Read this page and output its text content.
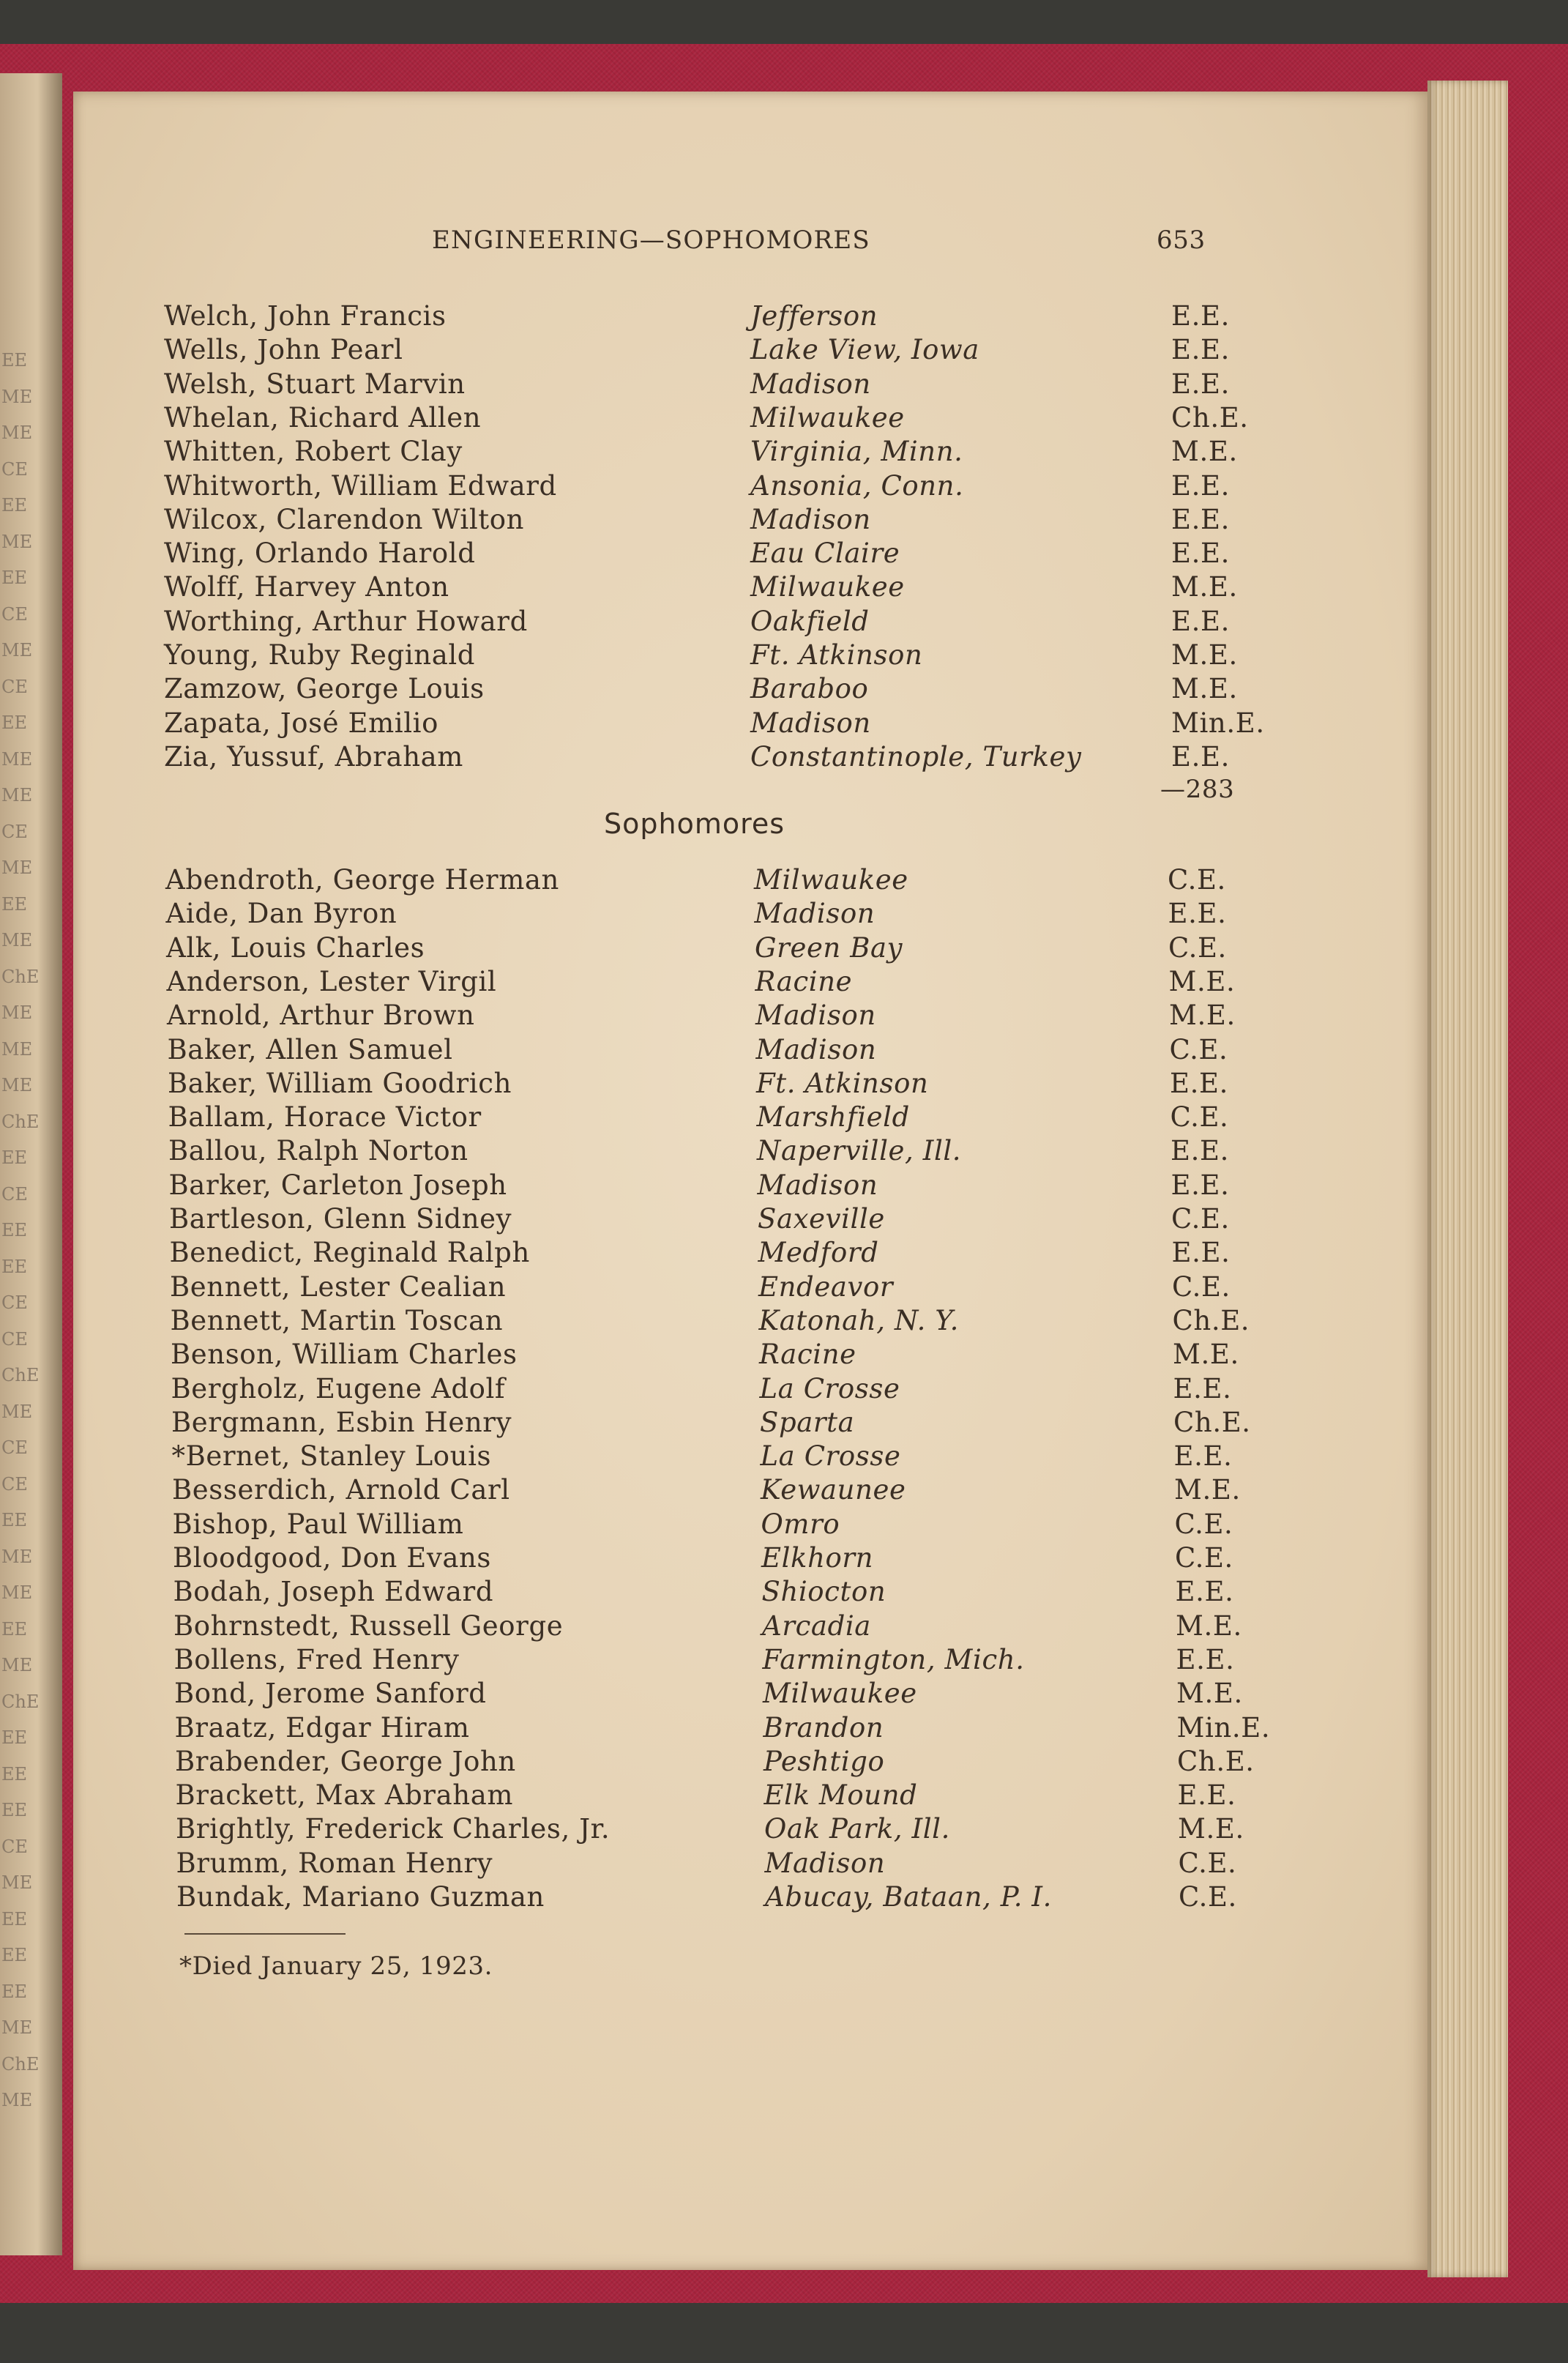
EE
ME
ME
CE
EE
ME
EE
CE
ME
CE
EE
ME
ME
CE
ME
EE
ME
ChE
ME
ME
ME
ChE
EE
CE
EE
EE
CE
CE
ChE
ME
CE
CE
EE
ME
ME
EE
ME
ChE
EE
EE
EE
CE
ME
EE
EE
EE
ME
ChE
ME
ENGINEERING—SOPHOMORES	653
Welch, John Francis	Jefferson	E.E.
Wells, John Pearl	Lake View, Iowa	E.E.
Welsh, Stuart Marvin	Madison	E.E.
Whelan, Richard Allen	Milwaukee	Ch.E.
Whitten, Robert Clay	Virginia, Minn.	M.E.
Whitworth, William Edward	Ansonia, Conn.	E.E.
Wilcox, Clarendon Wilton	Madison	E.E.
Wing, Orlando Harold	Eau Claire	E.E.
Wolff, Harvey Anton	Milwaukee	M.E.
Worthing, Arthur Howard	Oakfield	E.E.
Young, Ruby Reginald	Ft. Atkinson	M.E.
Zamzow, George Louis	Baraboo	M.E.
Zapata, José Emilio	Madison	Min.E.
Zia, Yussuf, Abraham	Constantinople, Turkey	E.E.
—283
Sophomores
Abendroth, George Herman	Milwaukee	C.E.
Aide, Dan Byron	Madison	E.E.
Alk, Louis Charles	Green Bay	C.E.
Anderson, Lester Virgil	Racine	M.E.
Arnold, Arthur Brown	Madison	M.E.
Baker, Allen Samuel	Madison	C.E.
Baker, William Goodrich	Ft. Atkinson	E.E.
Ballam, Horace Victor	Marshfield	C.E.
Ballou, Ralph Norton	Naperville, Ill.	E.E.
Barker, Carleton Joseph	Madison	E.E.
Bartleson, Glenn Sidney	Saxeville	C.E.
Benedict, Reginald Ralph	Medford	E.E.
Bennett, Lester Cealian	Endeavor	C.E.
Bennett, Martin Toscan	Katonah, N. Y.	Ch.E.
Benson, William Charles	Racine	M.E.
Bergholz, Eugene Adolf	La Crosse	E.E.
Bergmann, Esbin Henry	Sparta	Ch.E.
*Bernet, Stanley Louis	La Crosse	E.E.
Besserdich, Arnold Carl	Kewaunee	M.E.
Bishop, Paul William	Omro	C.E.
Bloodgood, Don Evans	Elkhorn	C.E.
Bodah, Joseph Edward	Shiocton	E.E.
Bohrnstedt, Russell George	Arcadia	M.E.
Bollens, Fred Henry	Farmington, Mich.	E.E.
Bond, Jerome Sanford	Milwaukee	M.E.
Braatz, Edgar Hiram	Brandon	Min.E.
Brabender, George John	Peshtigo	Ch.E.
Brackett, Max Abraham	Elk Mound	E.E.
Brightly, Frederick Charles, Jr.	Oak Park, Ill.	M.E.
Brumm, Roman Henry	Madison	C.E.
Bundak, Mariano Guzman	Abucay, Bataan, P. I.	C.E.
*Died January 25, 1923.
